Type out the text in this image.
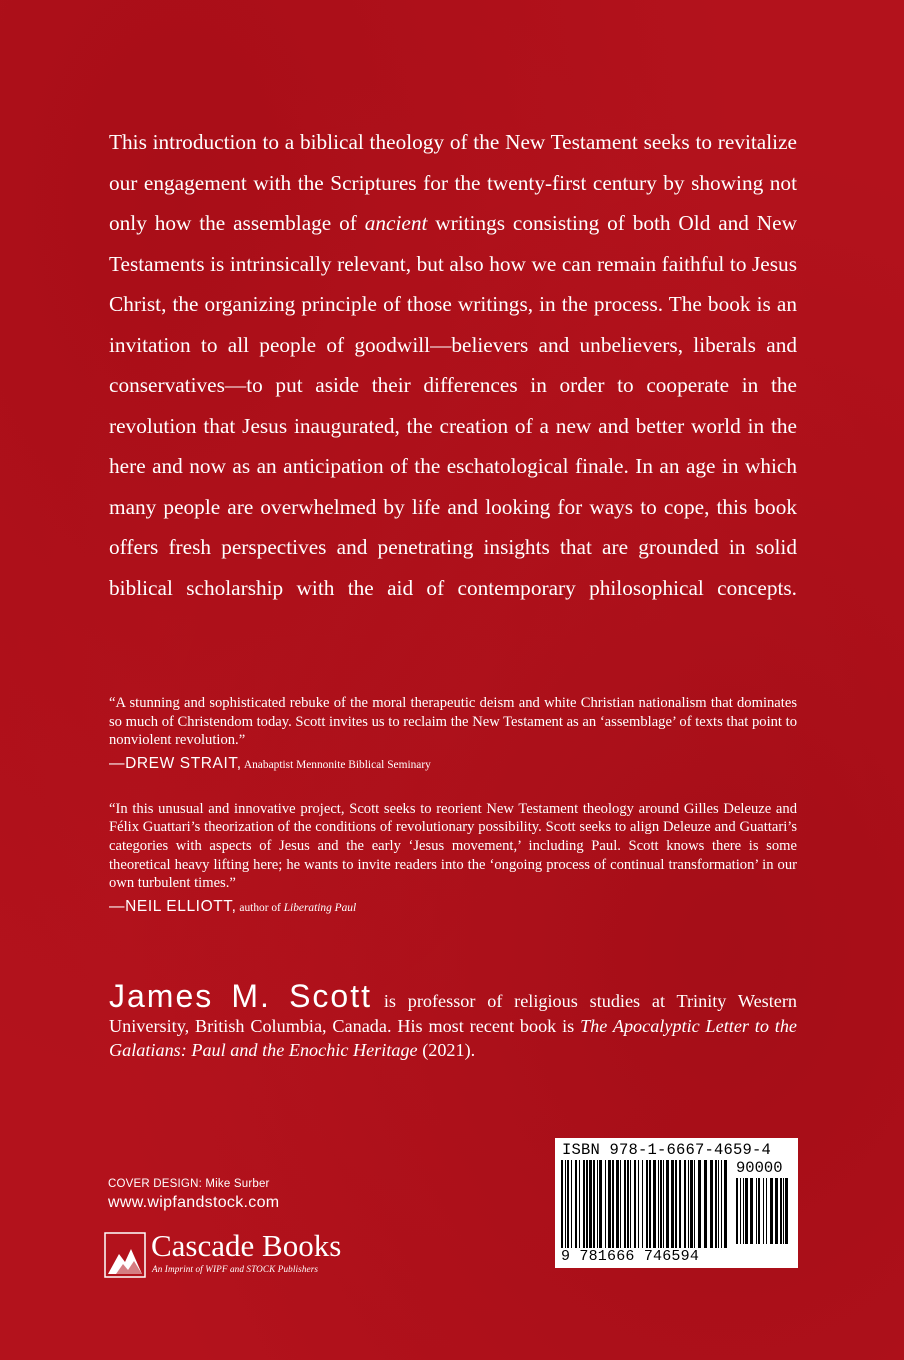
This introduction to a biblical theology of the New Testament seeks to revitalize our engagement with the Scriptures for the twenty-first century by showing not only how the assemblage of ancient writings consisting of both Old and New Testaments is intrinsically relevant, but also how we can remain faithful to Jesus Christ, the organizing principle of those writings, in the process. The book is an invitation to all people of goodwill—believers and unbelievers, liberals and conservatives—to put aside their differences in order to cooperate in the revolution that Jesus inaugurated, the creation of a new and better world in the here and now as an anticipation of the eschatological finale. In an age in which many people are overwhelmed by life and looking for ways to cope, this book offers fresh perspectives and penetrating insights that are grounded in solid biblical scholarship with the aid of contemporary philosophical concepts.

“A stunning and sophisticated rebuke of the moral therapeutic deism and white Christian nationalism that dominates so much of Christendom today. Scott invites us to reclaim the New Testament as an ‘assemblage’ of texts that point to nonviolent revolution.”

—DREW STRAIT, Anabaptist Mennonite Biblical Seminary

“In this unusual and innovative project, Scott seeks to reorient New Testament theology around Gilles Deleuze and Félix Guattari’s theorization of the conditions of revolutionary possibility. Scott seeks to align Deleuze and Guattari’s categories with aspects of Jesus and the early ‘Jesus movement,’ including Paul. Scott knows there is some theoretical heavy lifting here; he wants to invite readers into the ‘ongoing process of continual transformation’ in our own turbulent times.”

—NEIL ELLIOTT, author of Liberating Paul

James M. Scott is professor of religious studies at Trinity Western University, British Columbia, Canada. His most recent book is The Apocalyptic Letter to the Galatians: Paul and the Enochic Heritage (2021).

COVER DESIGN: Mike Surber

www.wipfandstock.com

Cascade Books
An Imprint of WIPF and STOCK Publishers
ISBN 978-1-6667-4659-4
90000
9 781666 746594
